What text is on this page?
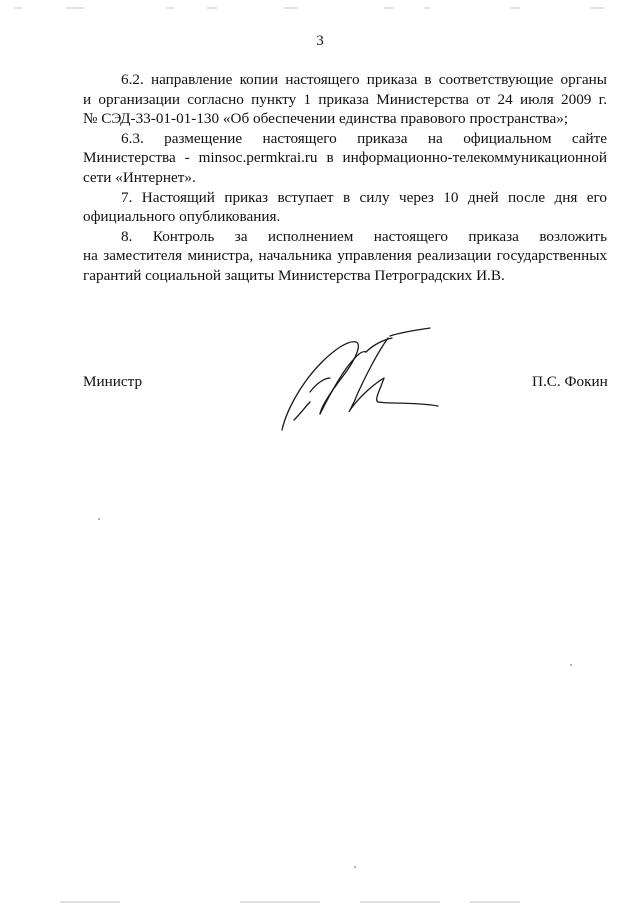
3
6.2. направление копии настоящего приказа в соответствующие органы
и организации согласно пункту 1 приказа Министерства от 24 июля 2009 г.
№ СЭД-33-01-01-130 «Об обеспечении единства правового пространства»;
6.3. размещение настоящего приказа на официальном сайте
Министерства - minsoc.permkrai.ru в информационно-телекоммуникационной
сети «Интернет».
7. Настоящий приказ вступает в силу через 10 дней после дня его
официального опубликования.
8. Контроль за исполнением настоящего приказа возложить
на заместителя министра, начальника управления реализации государственных
гарантий социальной защиты Министерства Петроградских И.В.
Министр	П.С. Фокин
